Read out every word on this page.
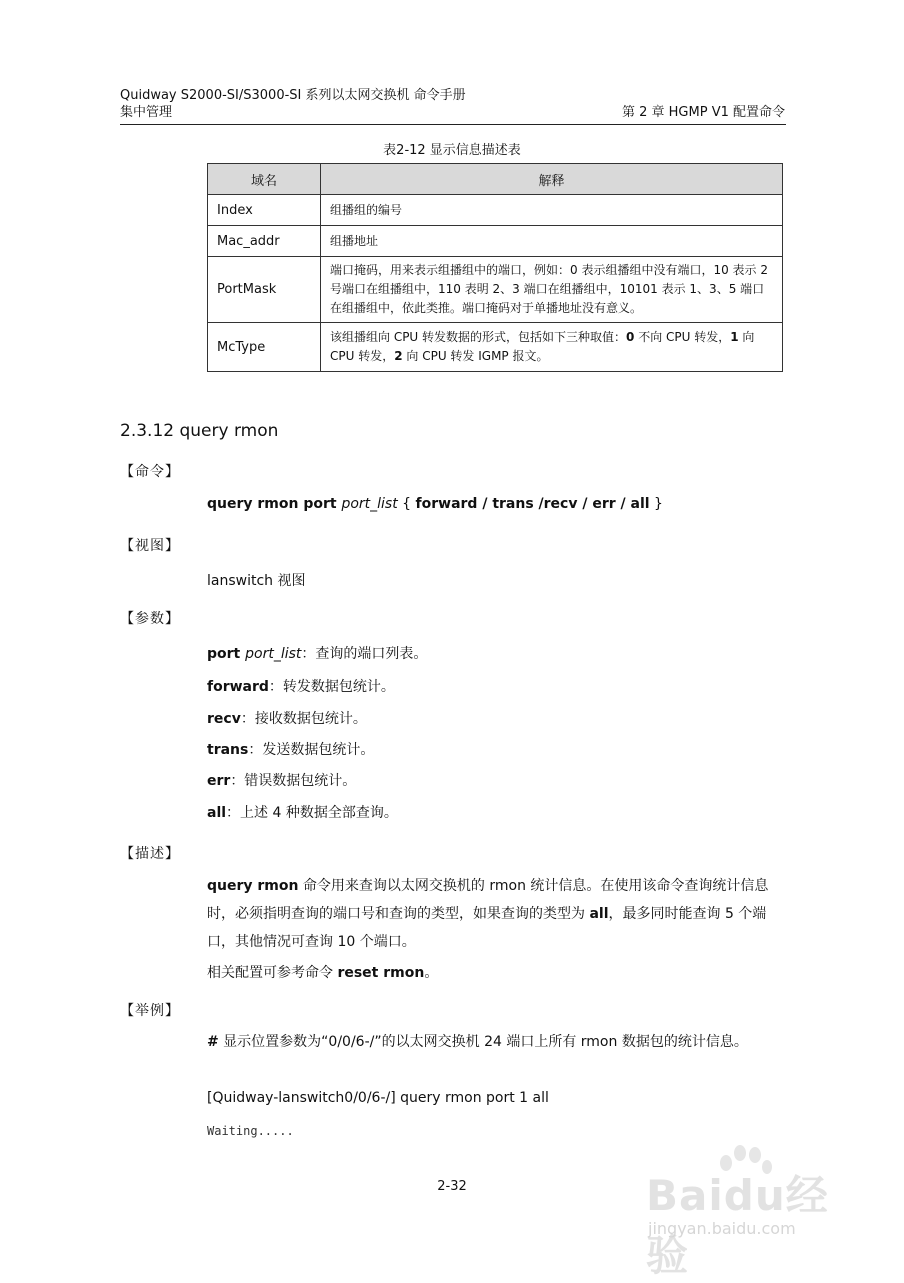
Quidway S2000-SI/S3000-SI 系列以太网交换机 命令手册
集中管理	第 2 章 HGMP V1 配置命令
表2-12 显示信息描述表
域名	解释
Index	组播组的编号
Mac_addr	组播地址
PortMask	端口掩码，用来表示组播组中的端口，例如：0 表示组播组中没有端口，10 表示 2 号端口在组播组中，110 表明 2、3 端口在组播组中，10101 表示 1、3、5 端口在组播组中，依此类推。端口掩码对于单播地址没有意义。
McType	该组播组向 CPU 转发数据的形式，包括如下三种取值：0 不向 CPU 转发，1 向 CPU 转发，2 向 CPU 转发 IGMP 报文。
2.3.12 query rmon
【命令】
query rmon port port_list { forward / trans /recv / err / all }
【视图】
lanswitch 视图
【参数】
port port_list：查询的端口列表。
forward：转发数据包统计。
recv：接收数据包统计。
trans：发送数据包统计。
err：错误数据包统计。
all：上述 4 种数据全部查询。
【描述】
query rmon 命令用来查询以太网交换机的 rmon 统计信息。在使用该命令查询统计信息时，必须指明查询的端口号和查询的类型，如果查询的类型为 all，最多同时能查询 5 个端口，其他情况可查询 10 个端口。
相关配置可参考命令 reset rmon。
【举例】
# 显示位置参数为“0/0/6-/”的以太网交换机 24 端口上所有 rmon 数据包的统计信息。
[Quidway-lanswitch0/0/6-/] query rmon port 1 all
Waiting.....
2-32	Baidu经验
jingyan.baidu.com
